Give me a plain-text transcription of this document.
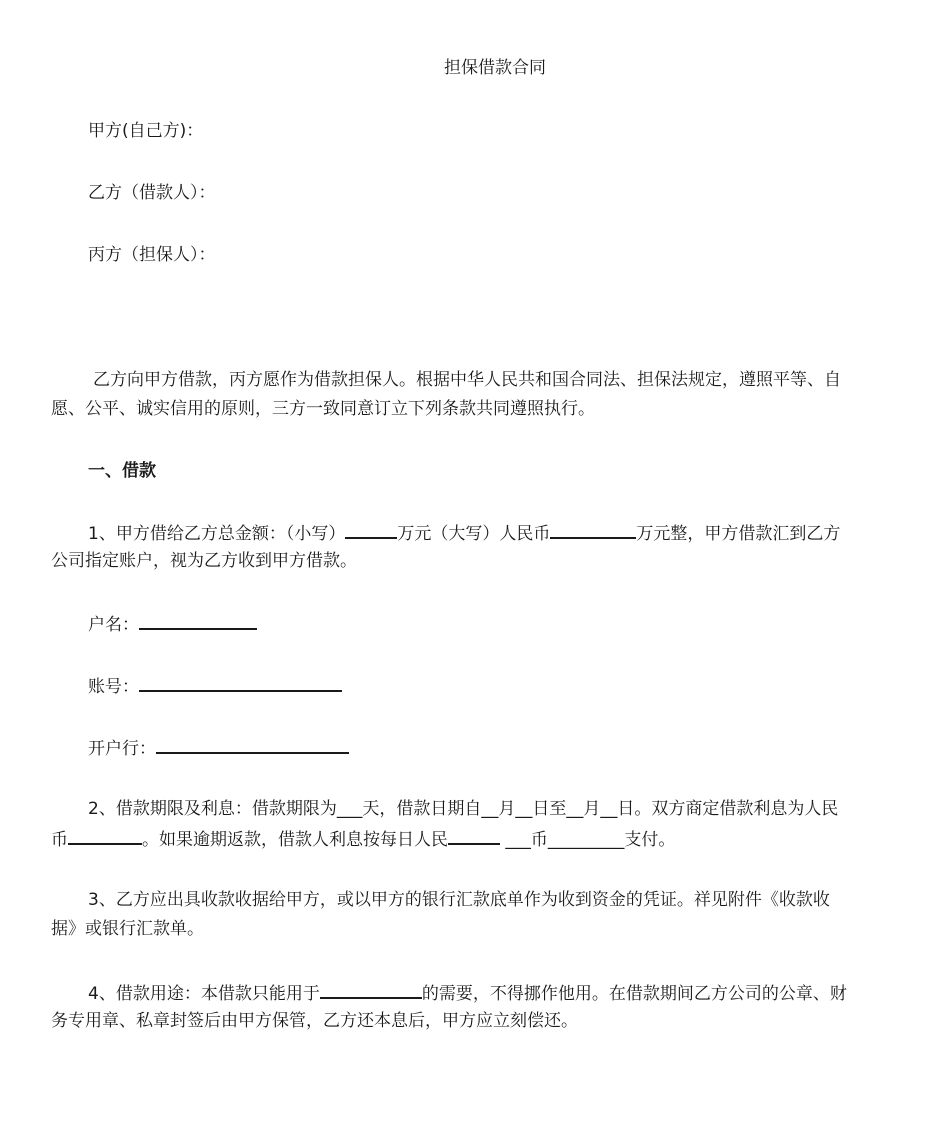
担保借款合同
甲方(自己方)：
乙方（借款人）：
丙方（担保人）：
乙方向甲方借款，丙方愿作为借款担保人。根据中华人民共和国合同法、担保法规定，遵照平等、自
愿、公平、诚实信用的原则，三方一致同意订立下列条款共同遵照执行。
一、借款
1、甲方借给乙方总金额：（小写）	万元（大写）人民币	万元整，甲方借款汇到乙方
公司指定账户，视为乙方收到甲方借款。
户名：
账号：
开户行：
2、借款期限及利息：借款期限为___天，借款日期自__月__日至__月__日。双方商定借款利息为人民
币	。如果逾期返款，借款人利息按每日人民	___币_________支付。
3、乙方应出具收款收据给甲方，或以甲方的银行汇款底单作为收到资金的凭证。祥见附件《收款收
据》或银行汇款单。
4、借款用途：本借款只能用于	的需要，不得挪作他用。在借款期间乙方公司的公章、财
务专用章、私章封签后由甲方保管，乙方还本息后，甲方应立刻偿还。
